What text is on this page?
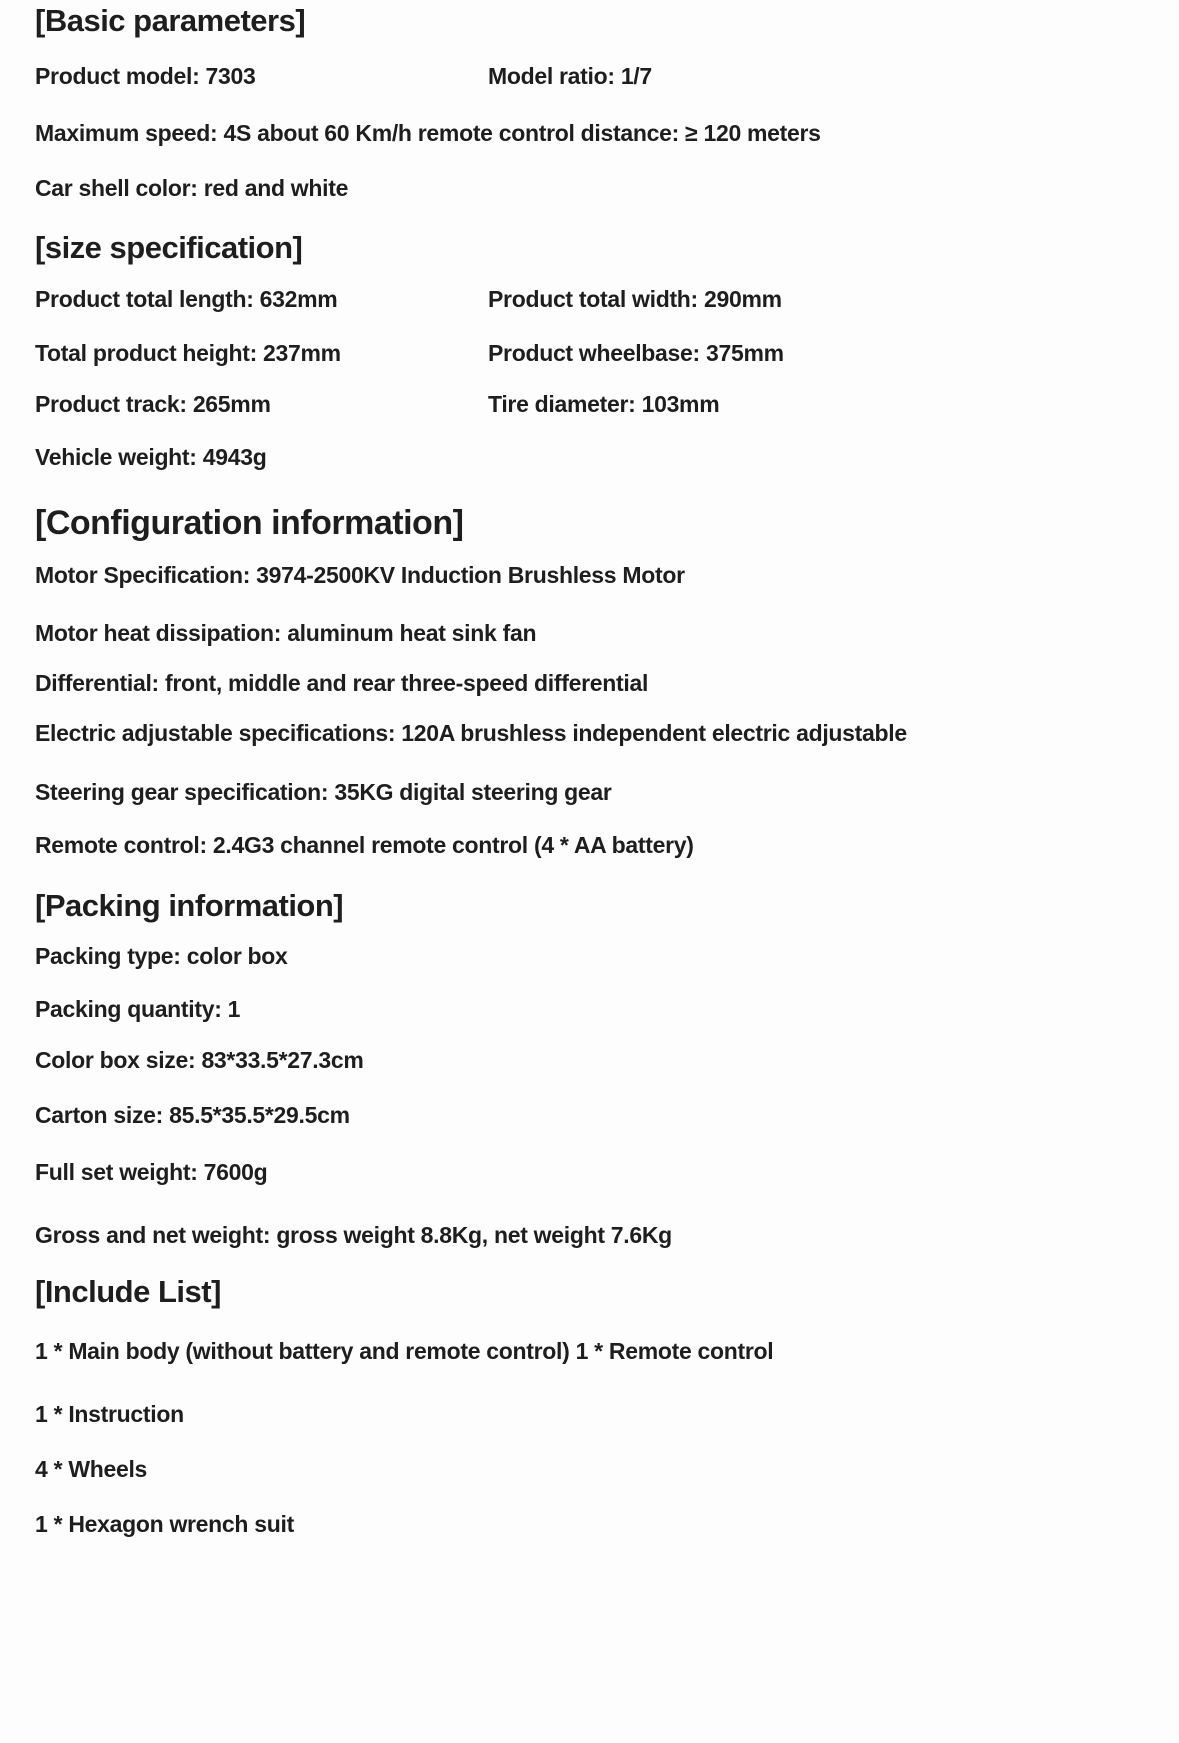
[Basic parameters]

Product model: 7303	Model ratio: 1/7

Maximum speed: 4S about 60 Km/h remote control distance: ≥ 120 meters

Car shell color: red and white

[size specification]

Product total length: 632mm	Product total width: 290mm

Total product height: 237mm	Product wheelbase: 375mm

Product track: 265mm	Tire diameter: 103mm

Vehicle weight: 4943g

[Configuration information]

Motor Specification: 3974-2500KV Induction Brushless Motor

Motor heat dissipation: aluminum heat sink fan

Differential: front, middle and rear three-speed differential

Electric adjustable specifications: 120A brushless independent electric adjustable

Steering gear specification: 35KG digital steering gear

Remote control: 2.4G3 channel remote control (4 * AA battery)

[Packing information]

Packing type: color box

Packing quantity: 1

Color box size: 83*33.5*27.3cm

Carton size: 85.5*35.5*29.5cm

Full set weight: 7600g

Gross and net weight: gross weight 8.8Kg, net weight 7.6Kg

[Include List]

1 * Main body (without battery and remote control) 1 * Remote control

1 * Instruction

4 * Wheels

1 * Hexagon wrench suit
